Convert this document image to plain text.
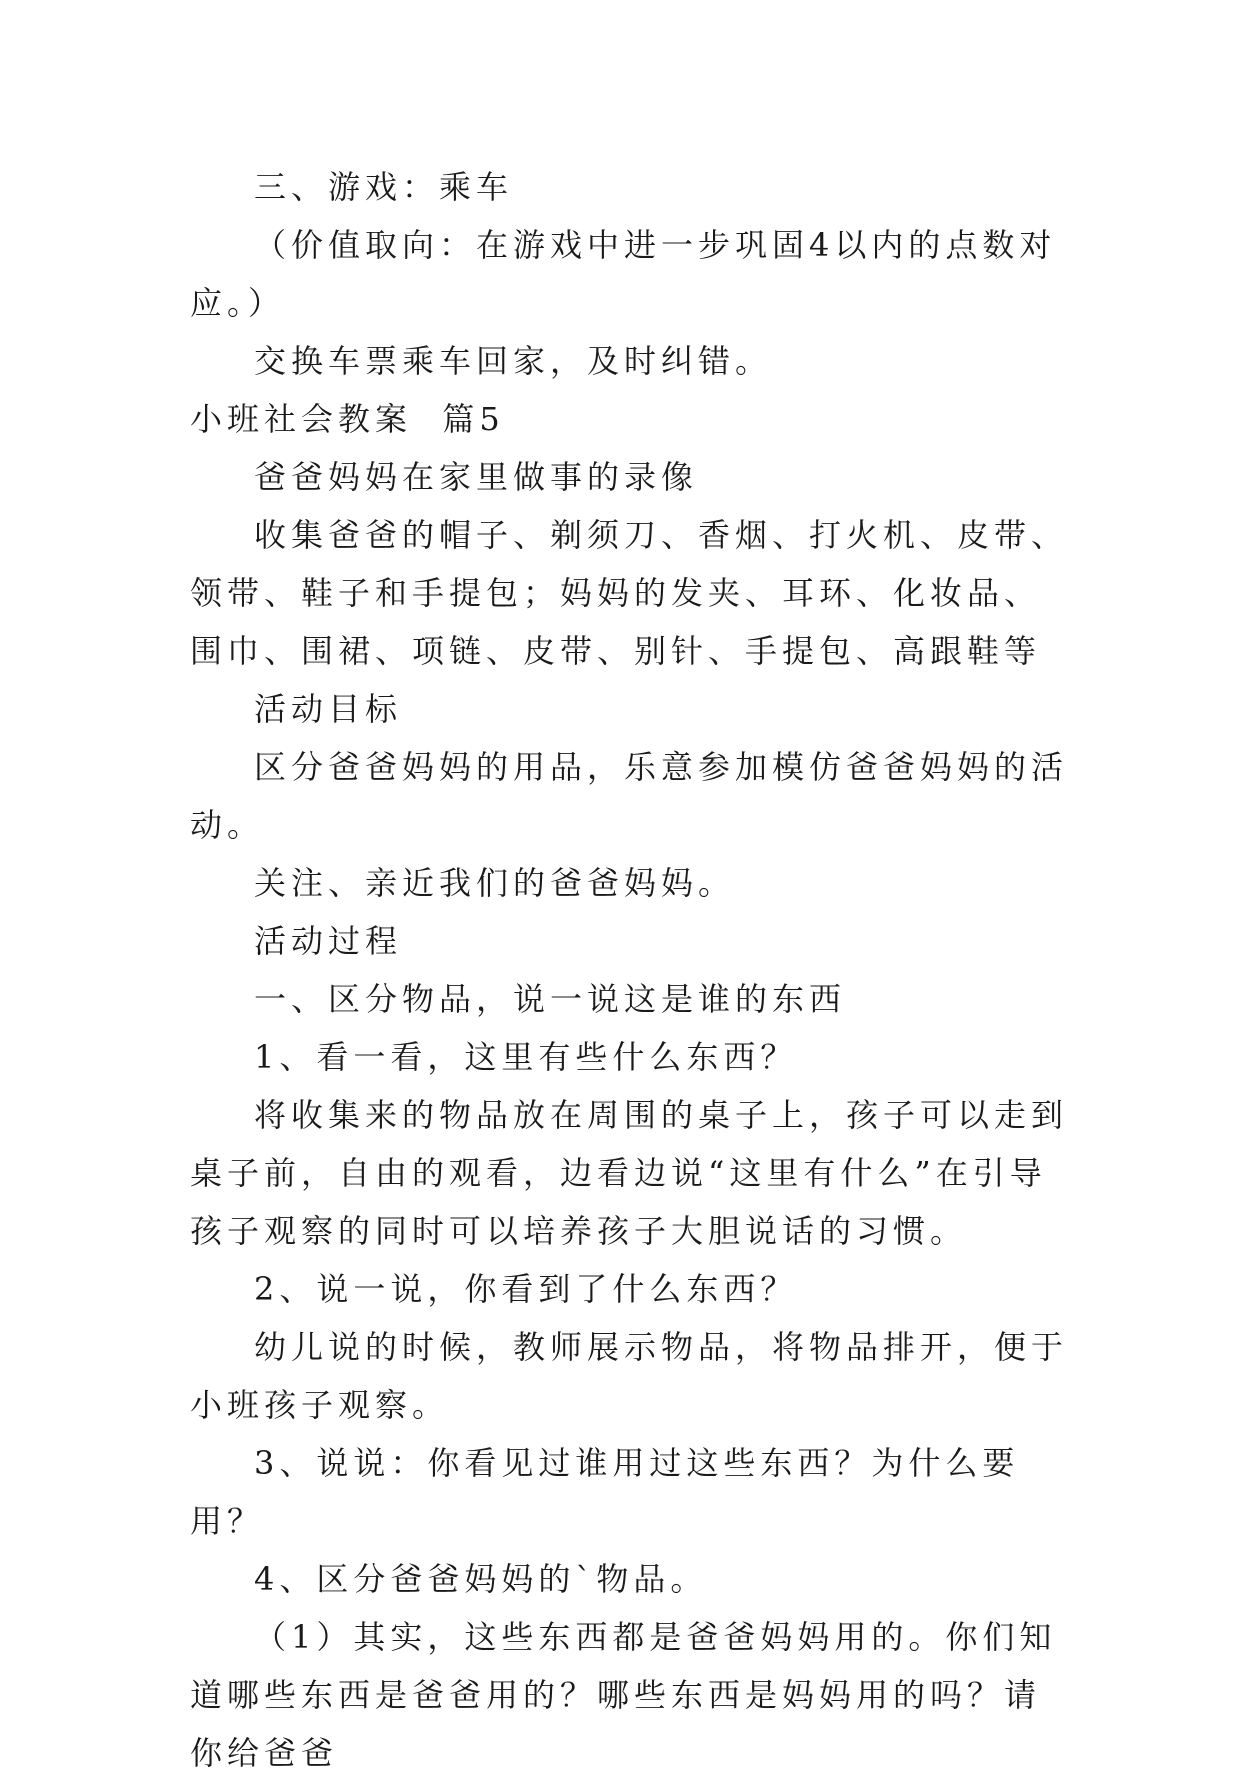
三、游戏：乘车

（价值取向：在游戏中进一步巩固4以内的点数对应。）

交换车票乘车回家，及时纠错。

小班社会教案  篇5

爸爸妈妈在家里做事的录像

收集爸爸的帽子、剃须刀、香烟、打火机、皮带、领带、鞋子和手提包；妈妈的发夹、耳环、化妆品、围巾、围裙、项链、皮带、别针、手提包、高跟鞋等

活动目标

区分爸爸妈妈的用品，乐意参加模仿爸爸妈妈的活动。

关注、亲近我们的爸爸妈妈。

活动过程

一、区分物品，说一说这是谁的东西

1、看一看，这里有些什么东西？

将收集来的物品放在周围的桌子上，孩子可以走到桌子前，自由的观看，边看边说“这里有什么”在引导孩子观察的同时可以培养孩子大胆说话的习惯。

2、说一说，你看到了什么东西？

幼儿说的时候，教师展示物品，将物品排开，便于小班孩子观察。

3、说说：你看见过谁用过这些东西？为什么要用？

4、区分爸爸妈妈的`物品。

（1）其实，这些东西都是爸爸妈妈用的。你们知道哪些东西是爸爸用的？哪些东西是妈妈用的吗？请你给爸爸
